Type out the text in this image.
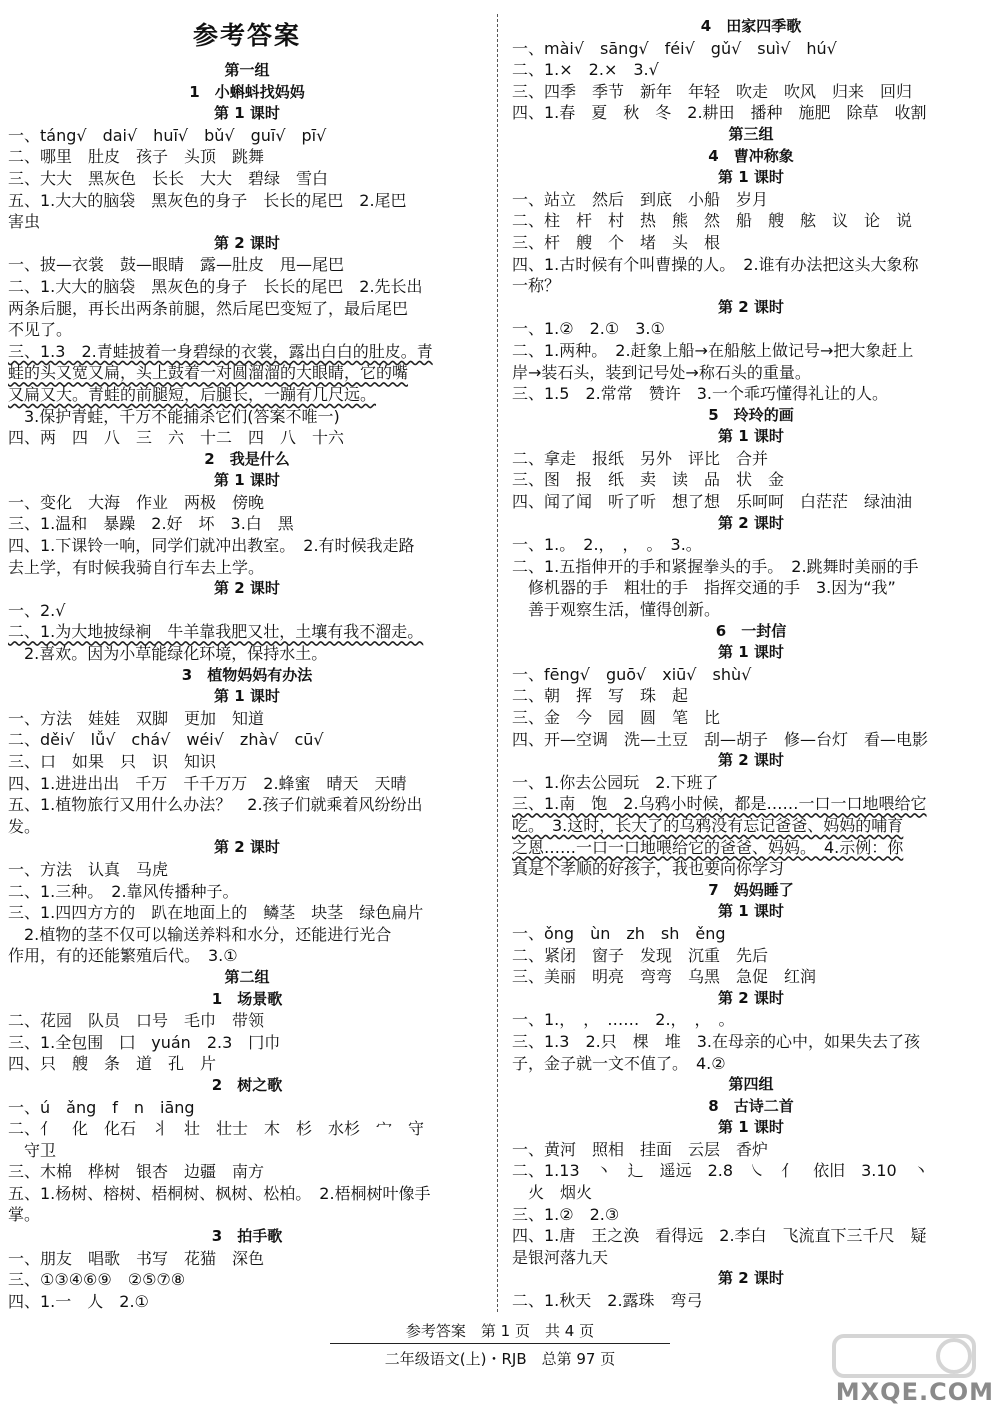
参考答案
第一组
1　小蝌蚪找妈妈
第 1 课时
一、táng√　dai√　huī√　bǔ√　guī√　pī√
二、哪里　肚皮　孩子　头顶　跳舞
三、大大　黑灰色　长长　大大　碧绿　雪白
五、1.大大的脑袋　黑灰色的身子　长长的尾巴　2.尾巴
害虫
第 2 课时
一、披—衣裳　鼓—眼睛　露—肚皮　甩—尾巴
二、1.大大的脑袋　黑灰色的身子　长长的尾巴　2.先长出
两条后腿，再长出两条前腿，然后尾巴变短了，最后尾巴
不见了。
三、1.3　2.青蛙披着一身碧绿的衣裳，露出白白的肚皮。青
蛙的头又宽又扁，头上鼓着一对圆溜溜的大眼睛，它的嘴
又扁又大。青蛙的前腿短，后腿长，一蹦有几尺远。
　3.保护青蛙，千万不能捕杀它们(答案不唯一)
四、两　四　八　三　六　十二　四　八　十六
2　我是什么
第 1 课时
一、变化　大海　作业　两极　傍晚
三、1.温和　暴躁　2.好　坏　3.白　黑
四、1.下课铃一响，同学们就冲出教室。　2.有时候我走路
去上学，有时候我骑自行车去上学。
第 2 课时
一、2.√
二、1.为大地披绿裥　牛羊靠我肥又壮，土壤有我不溜走。
　2.喜欢。因为小草能绿化环境，保持水土。
3　植物妈妈有办法
第 1 课时
一、方法　娃娃　双脚　更加　知道
二、děi√　lǚ√　chá√　wéi√　zhà√　cū√
三、口　如果　只　识　知识
四、1.进进出出　千万　千千万万　2.蜂蜜　晴天　天晴
五、1.植物旅行又用什么办法？　2.孩子们就乘着风纷纷出
发。
第 2 课时
一、方法　认真　马虎
二、1.三种。　2.靠风传播种子。
三、1.四四方方的　趴在地面上的　鳞茎　块茎　绿色扁片
　2.植物的茎不仅可以输送养料和水分，还能进行光合
作用，有的还能繁殖后代。　3.①
第二组
1　场景歌
二、花园　队员　口号　毛巾　带领
三、1.全包围　囗　yuán　2.3　冂巾
四、只　艘　条　道　孔　片
2　树之歌
一、ú　ǎng　f　n　iāng
二、亻　化　化石　丬　壮　壮士　木　杉　水杉　宀　守
　守卫
三、木棉　桦树　银杏　边疆　南方
五、1.杨树、榕树、梧桐树、枫树、松柏。　2.梧桐树叶像手
掌。
3　拍手歌
一、朋友　唱歌　书写　花猫　深色
三、①③④⑥⑨　②⑤⑦⑧
四、1.一　人　2.①
4　田家四季歌
一、mài√　sāng√　féi√　gǔ√　suì√　hú√
二、1.×　2.×　3.√
三、四季　季节　新年　年轻　吹走　吹风　归来　回归
四、1.春　夏　秋　冬　2.耕田　播种　施肥　除草　收割
第三组
4　曹冲称象
第 1 课时
一、站立　然后　到底　小船　岁月
二、柱　杆　村　热　熊　然　船　艘　舷　议　论　说
三、杆　艘　个　堵　头　根
四、1.古时候有个叫曹操的人。　2.谁有办法把这头大象称
一称？
第 2 课时
一、1.②　2.①　3.①
二、1.两种。　2.赶象上船→在船舷上做记号→把大象赶上
岸→装石头，装到记号处→称石头的重量。
三、1.5　2.常常　赞许　3.一个乖巧懂得礼让的人。
5　玲玲的画
第 1 课时
二、拿走　报纸　另外　评比　合并
三、图　报　纸　卖　读　品　状　金
四、闻了闻　听了听　想了想　乐呵呵　白茫茫　绿油油
第 2 课时
一、1.。　2.，　，　。　3.。
二、1.五指伸开的手和紧握拳头的手。　2.跳舞时美丽的手
　修机器的手　粗壮的手　指挥交通的手　3.因为“我”
　善于观察生活，懂得创新。
6　一封信
第 1 课时
一、fēng√　guō√　xiū√　shù√
二、朝　挥　写　珠　起
三、金　今　园　圆　笔　比
四、开—空调　洗—土豆　刮—胡子　修—台灯　看—电影
第 2 课时
一、1.你去公园玩　2.下班了
三、1.南　饱　2.乌鸦小时候，都是……一口一口地喂给它
吃。　3.这时，长大了的乌鸦没有忘记爸爸、妈妈的哺育
之恩……一口一口地喂给它的爸爸、妈妈。　4.示例：你
真是个孝顺的好孩子，我也要向你学习
7　妈妈睡了
第 1 课时
一、ǒng　ùn　zh　sh　ěng
二、紧闭　窗子　发现　沉重　先后
三、美丽　明亮　弯弯　乌黑　急促　红润
第 2 课时
一、1.，　，　……　2.，　，　。
三、1.3　2.只　棵　堆　3.在母亲的心中，如果失去了孩
子，金子就一文不值了。　4.②
第四组
8　古诗二首
第 1 课时
一、黄河　照相　挂面　云层　香炉
二、1.13　丶　辶　遥远　2.8　㇏　亻　依旧　3.10　丶
　火　烟火
三、1.②　2.③
四、1.唐　王之涣　看得远　2.李白　飞流直下三千尺　疑
是银河落九天
第 2 课时
二、1.秋天　2.露珠　弯弓
参考答案　第 1 页　共 4 页
二年级语文(上)・RJB　总第 97 页
MXQE.COM
